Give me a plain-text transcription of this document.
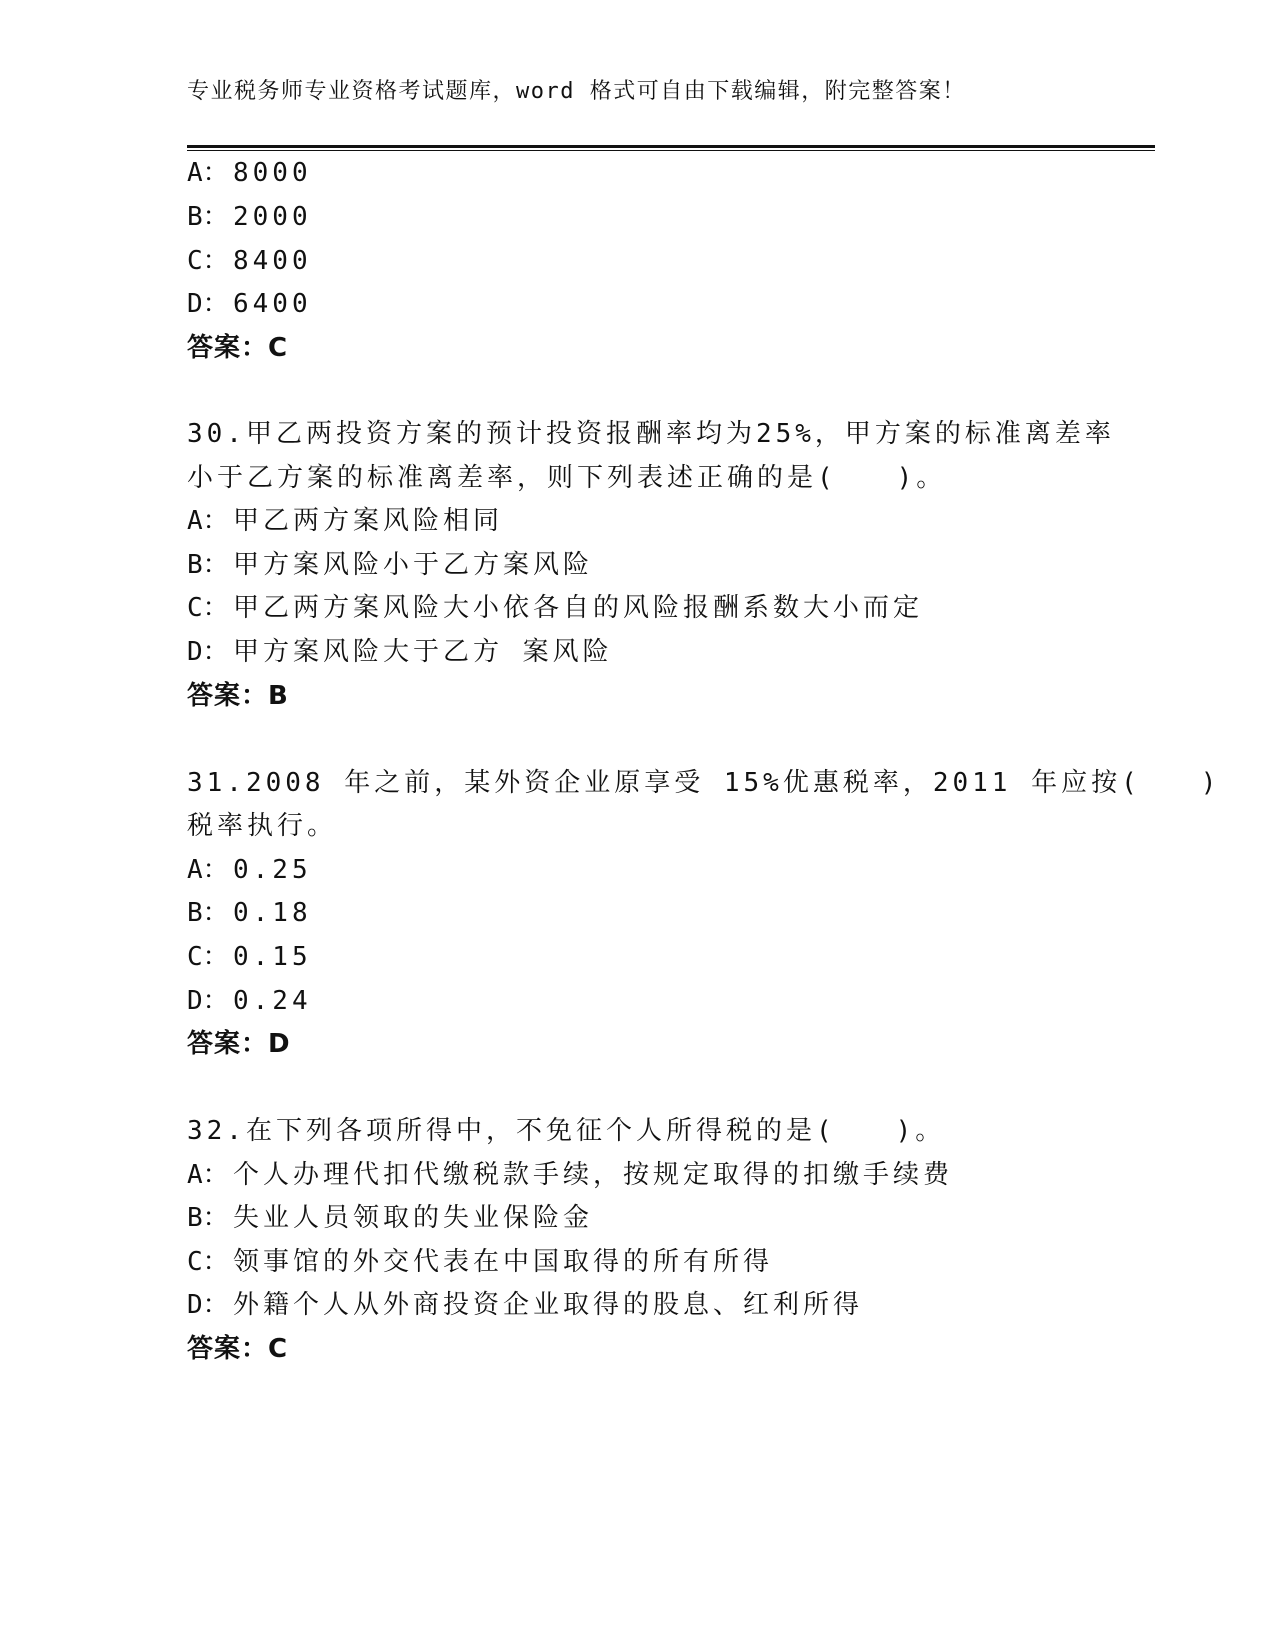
专业税务师专业资格考试题库，word 格式可自由下载编辑，附完整答案！
A： 8000
B： 2000
C： 8400
D： 6400
答案：C
30.甲乙两投资方案的预计投资报酬率均为25%，甲方案的标准离差率
小于乙方案的标准离差率，则下列表述正确的是(　　)。
A： 甲乙两方案风险相同
B： 甲方案风险小于乙方案风险
C： 甲乙两方案风险大小依各自的风险报酬系数大小而定
D： 甲方案风险大于乙方 案风险
答案：B
31.2008 年之前，某外资企业原享受 15%优惠税率，2011 年应按(　　)
税率执行。
A： 0.25
B： 0.18
C： 0.15
D： 0.24
答案：D
32.在下列各项所得中，不免征个人所得税的是(　　)。
A： 个人办理代扣代缴税款手续，按规定取得的扣缴手续费
B： 失业人员领取的失业保险金
C： 领事馆的外交代表在中国取得的所有所得
D： 外籍个人从外商投资企业取得的股息、红利所得
答案：C
